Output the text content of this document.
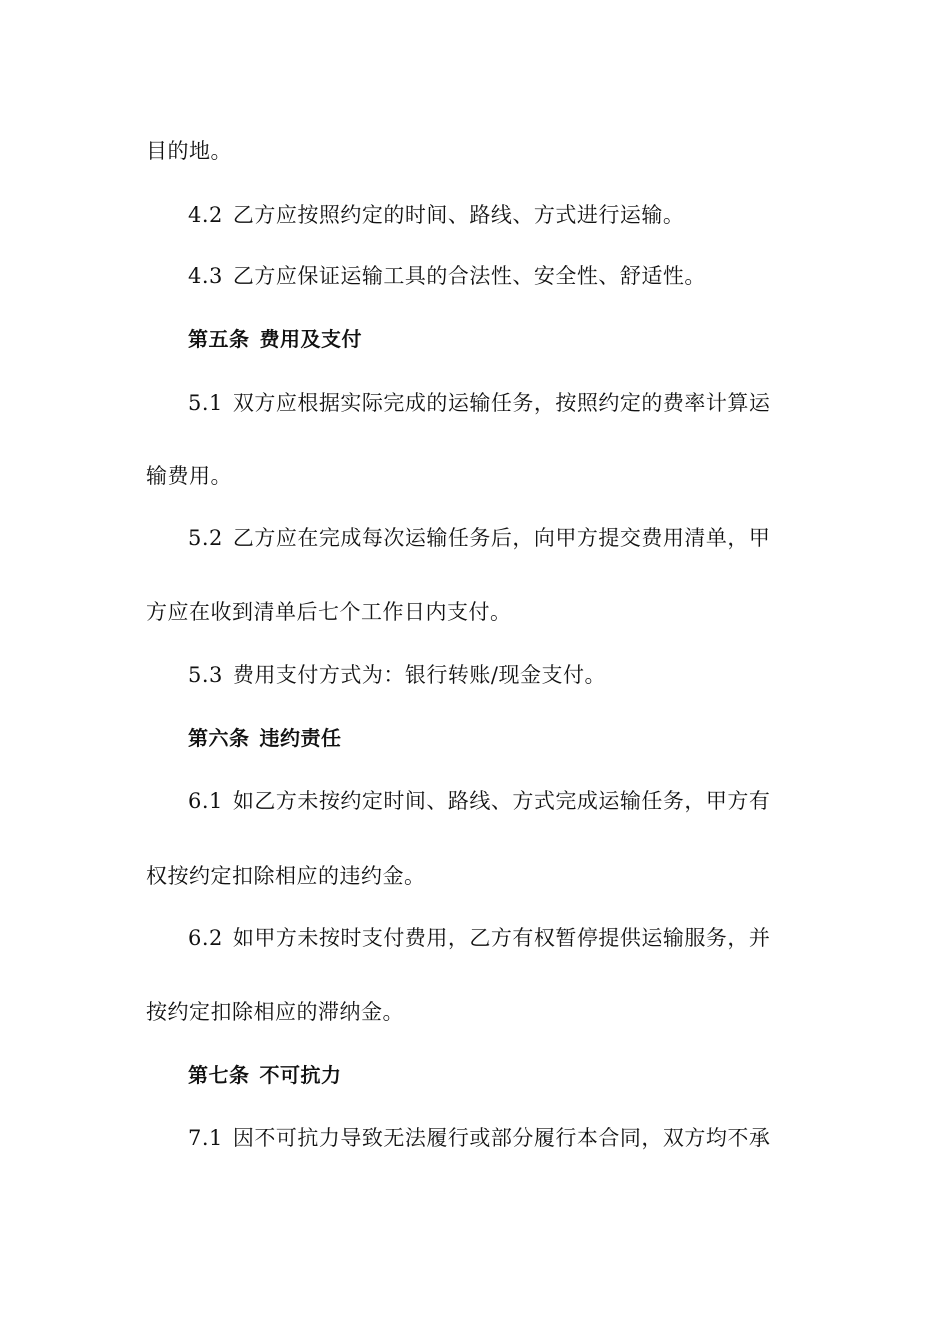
目的地。
4.2 乙方应按照约定的时间、路线、方式进行运输。
4.3 乙方应保证运输工具的合法性、安全性、舒适性。
第五条 费用及支付
5.1 双方应根据实际完成的运输任务，按照约定的费率计算运
输费用。
5.2 乙方应在完成每次运输任务后，向甲方提交费用清单，甲
方应在收到清单后七个工作日内支付。
5.3 费用支付方式为：银行转账/现金支付。
第六条 违约责任
6.1 如乙方未按约定时间、路线、方式完成运输任务，甲方有
权按约定扣除相应的违约金。
6.2 如甲方未按时支付费用，乙方有权暂停提供运输服务，并
按约定扣除相应的滞纳金。
第七条 不可抗力
7.1 因不可抗力导致无法履行或部分履行本合同，双方均不承
